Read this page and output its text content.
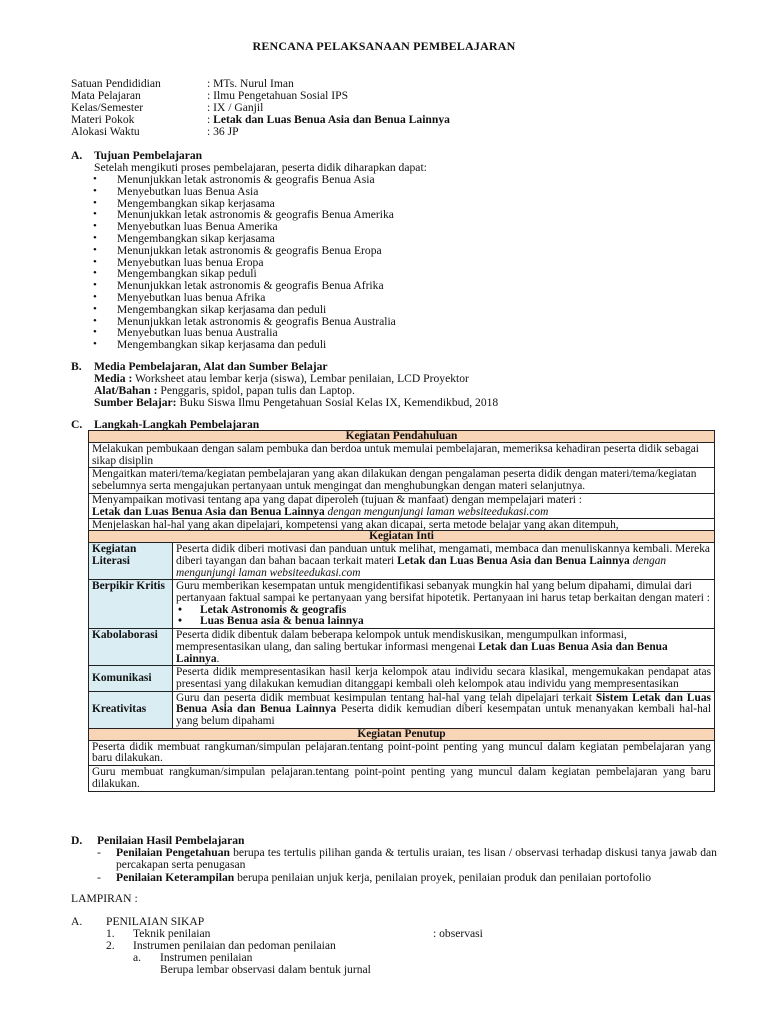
RENCANA PELAKSANAAN PEMBELAJARAN
Satuan Pendididian	: MTs. Nurul Iman
Mata Pelajaran	: Ilmu Pengetahuan Sosial IPS
Kelas/Semester	: IX / Ganjil
Materi Pokok	: Letak dan Luas Benua Asia dan Benua Lainnya
Alokasi Waktu	: 36 JP
A. Tujuan Pembelajaran
Setelah mengikuti proses pembelajaran, peserta didik diharapkan dapat:
• Menunjukkan letak astronomis & geografis Benua Asia
• Menyebutkan luas Benua Asia
• Mengembangkan sikap kerjasama
• Menunjukkan letak astronomis & geografis Benua Amerika
• Menyebutkan luas Benua Amerika
• Mengembangkan sikap kerjasama
• Menunjukkan letak astronomis & geografis Benua Eropa
• Menyebutkan luas benua Eropa
• Mengembangkan sikap peduli
• Menunjukkan letak astronomis & geografis Benua Afrika
• Menyebutkan luas benua Afrika
• Mengembangkan sikap kerjasama dan peduli
• Menunjukkan letak astronomis & geografis Benua Australia
• Menyebutkan luas benua Australia
• Mengembangkan sikap kerjasama dan peduli
B. Media Pembelajaran, Alat dan Sumber Belajar
Media : Worksheet atau lembar kerja (siswa), Lembar penilaian, LCD Proyektor
Alat/Bahan : Penggaris, spidol, papan tulis dan Laptop.
Sumber Belajar: Buku Siswa Ilmu Pengetahuan Sosial Kelas IX, Kemendikbud, 2018
C. Langkah-Langkah Pembelajaran
Kegiatan Pendahuluan	
Melakukan pembukaan dengan salam pembuka dan berdoa untuk memulai pembelajaran, memeriksa kehadiran peserta didik sebagai sikap disiplin	
Mengaitkan materi/tema/kegiatan pembelajaran yang akan dilakukan dengan pengalaman peserta didik dengan materi/tema/kegiatan sebelumnya serta mengajukan pertanyaan untuk mengingat dan menghubungkan dengan materi selanjutnya.	
Menyampaikan motivasi tentang apa yang dapat diperoleh (tujuan & manfaat) dengan mempelajari materi :
Letak dan Luas Benua Asia dan Benua Lainnya dengan mengunjungi laman websiteedukasi.com	

Menjelaskan hal-hal yang akan dipelajari, kompetensi yang akan dicapai, serta metode belajar yang akan ditempuh,	

Kegiatan Inti	
Kegiatan Literasi	Peserta didik diberi motivasi dan panduan untuk melihat, mengamati, membaca dan menuliskannya kembali. Mereka diberi tayangan dan bahan bacaan terkait materi Letak dan Luas Benua Asia dan Benua Lainnya dengan mengunjungi laman websiteedukasi.com
Berpikir Kritis	Guru memberikan kesempatan untuk mengidentifikasi sebanyak mungkin hal yang belum dipahami, dimulai dari pertanyaan faktual sampai ke pertanyaan yang bersifat hipotetik. Pertanyaan ini harus tetap berkaitan dengan materi :
• Letak Astronomis & geografis
• Luas Benua asia & benua lainnya

Kabolaborasi	Peserta didik dibentuk dalam beberapa kelompok untuk mendiskusikan, mengumpulkan informasi, mempresentasikan ulang, dan saling bertukar informasi mengenai Letak dan Luas Benua Asia dan Benua Lainnya.
Komunikasi	Peserta didik mempresentasikan hasil kerja kelompok atau individu secara klasikal, mengemukakan pendapat atas presentasi yang dilakukan kemudian ditanggapi kembali oleh kelompok atau individu yang mempresentasikan
Kreativitas	Guru dan peserta didik membuat kesimpulan tentang hal-hal yang telah dipelajari terkait Sistem Letak dan Luas Benua Asia dan Benua Lainnya Peserta didik kemudian diberi kesempatan untuk menanyakan kembali hal-hal yang belum dipahami
Kegiatan Penutup	
Peserta didik membuat rangkuman/simpulan pelajaran.tentang point-point penting yang muncul dalam kegiatan pembelajaran yang baru dilakukan.	
Guru membuat rangkuman/simpulan pelajaran.tentang point-point penting yang muncul dalam kegiatan pembelajaran yang baru dilakukan.	
D. Penilaian Hasil Pembelajaran
- Penilaian Pengetahuan berupa tes tertulis pilihan ganda & tertulis uraian, tes lisan / observasi terhadap diskusi tanya jawab dan percakapan serta penugasan
- Penilaian Keterampilan berupa penilaian unjuk kerja, penilaian proyek, penilaian produk dan penilaian portofolio
LAMPIRAN :
A. PENILAIAN SIKAP
1. Teknik penilaian	: observasi
2. Instrumen penilaian dan pedoman penilaian
a. Instrumen penilaian
Berupa lembar observasi dalam bentuk jurnal
